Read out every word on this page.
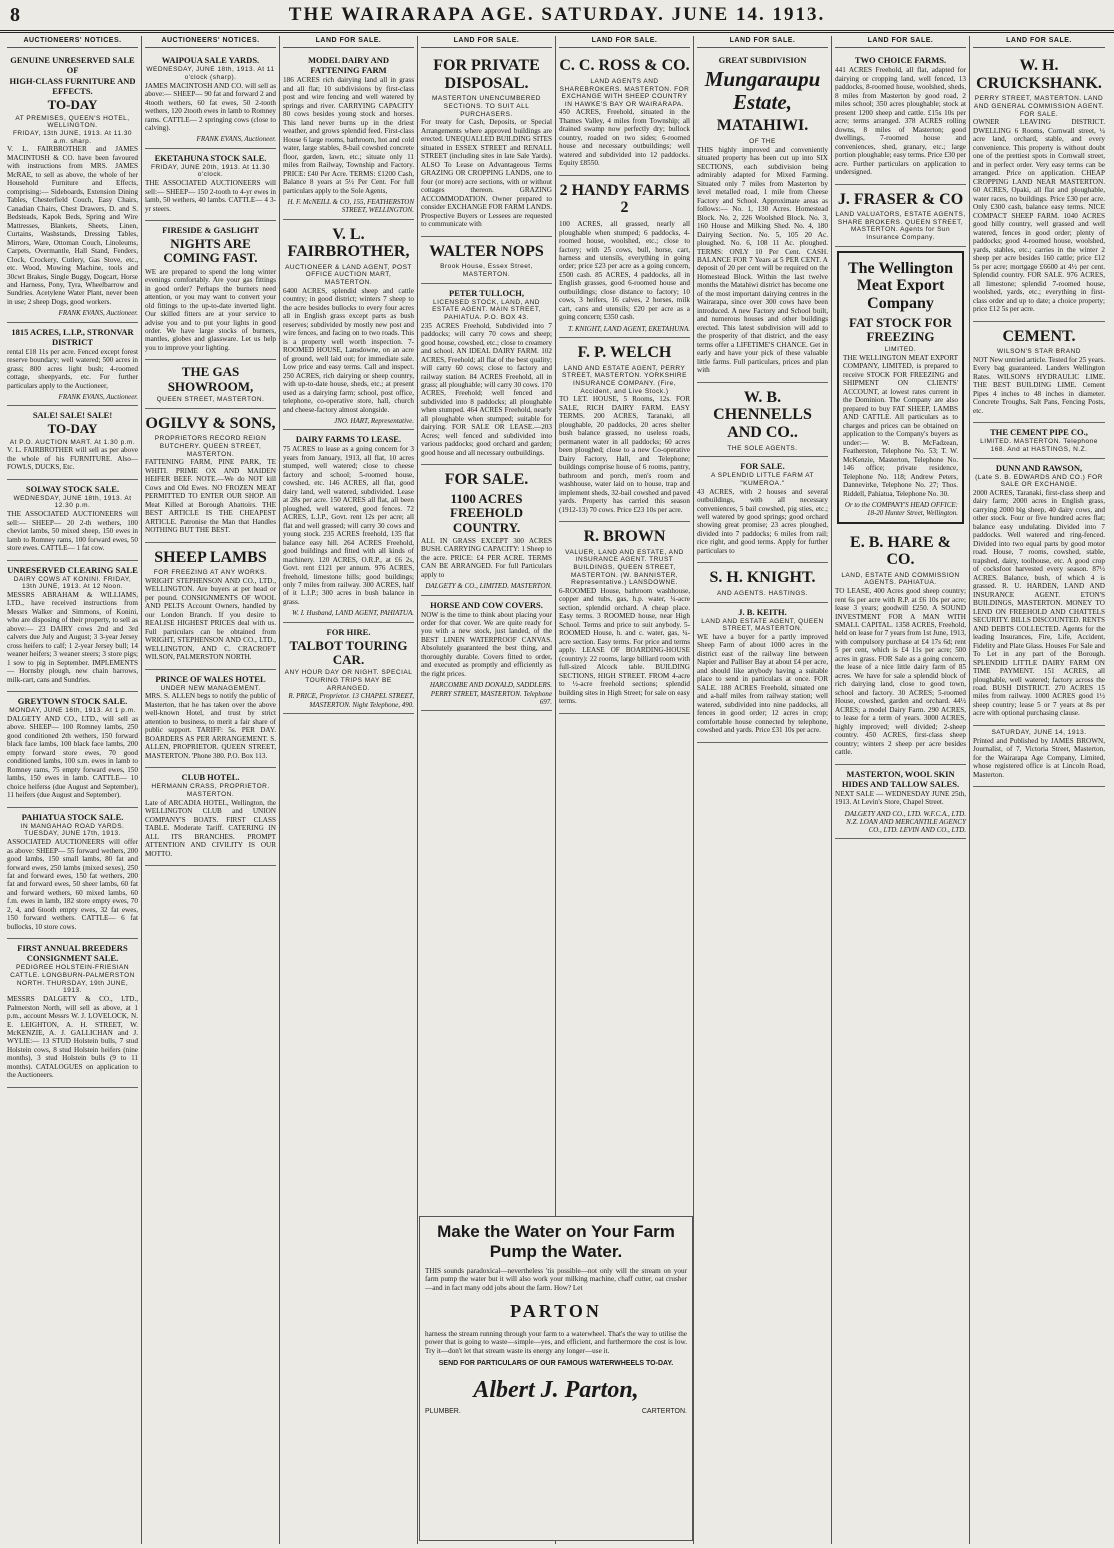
8	THE WAIRARAPA AGE. SATURDAY. JUNE 14. 1913.
AUCTIONEERS' NOTICES.
GENUINE UNRESERVED SALE OF
HIGH-CLASS FURNITURE AND EFFECTS.
TO-DAY
AT PREMISES, QUEEN'S HOTEL, WELLINGTON.
FRIDAY, 13th JUNE, 1913. At 11.30 a.m. sharp.

V. L. FAIRBROTHER and JAMES MACINTOSH & CO. have been favoured with instructions from MRS. JAMES McRAE, to sell as above, the whole of her Household Furniture and Effects, comprising:— Sideboards, Extension Dining Tables, Chesterfield Couch, Easy Chairs, Canadian Chairs, Chest Drawers, D. and S. Bedsteads, Kapok Beds, Spring and Wire Mattresses, Blankets, Sheets, Linen, Curtains, Washstands, Dressing Tables, Mirrors, Ware, Ottoman Couch, Linoleums, Carpets, Overmantle, Hall Stand, Fenders, Clock, Crockery, Cutlery, Gas Stove, etc., etc. Wood, Mowing Machine, tools and 30cwt Brakes, Single Buggy, Dogcart, Horse and Harness, Pony, Tyra, Wheelbarrow and Sundries. Acetylene Water Plant, never been in use; 2 sheep Dogs, good workers.

FRANK EVANS, Auctioneer.
1815 ACRES, L.I.P., STRONVAR DISTRICT

rental £18 11s per acre. Fenced except forest reserve boundary; well watered; 500 acres in grass; 800 acres light bush; 4-roomed cottage, sheepyards, etc. For further particulars apply to the Auctioneer,

FRANK EVANS, Auctioneer.
SALE! SALE! SALE!
TO-DAY
At P.O. AUCTION MART. At 1.30 p.m.

V. L. FAIRBROTHER will sell as per above the whole of his FURNITURE. Also—FOWLS, DUCKS, Etc.

SOLWAY STOCK SALE.
WEDNESDAY, JUNE 18th, 1913. At 12.30 p.m.

THE ASSOCIATED AUCTIONEERS will sell:— SHEEP— 20 2-th wethers, 100 cheviot lambs, 50 mixed sheep, 150 ewes in lamb to Romney rams, 100 forward ewes, 50 store ewes. CATTLE— 1 fat cow.

UNRESERVED CLEARING SALE
DAIRY COWS AT KONINI. FRIDAY, 13th JUNE, 1913. At 12 Noon.

MESSRS ABRAHAM & WILLIAMS, LTD., have received instructions from Messrs Walker and Simmons, of Konini, who are disposing of their property, to sell as above:— 23 DAIRY cows 2nd and 3rd calvers due July and August; 3 3-year Jersey cross heifers to calf; 1 2-year Jersey bull; 14 weaner heifers; 3 weaner steers; 3 store pigs; 1 sow to pig in September. IMPLEMENTS— Hornsby plough, new chain harrows, milk-cart, cans and Sundries.

GREYTOWN STOCK SALE.
MONDAY, JUNE 16th, 1913. At 1 p.m.

DALGETY AND CO., LTD., will sell as above. SHEEP— 100 Romney lambs, 250 good conditioned 2th wethers, 150 forward black face lambs, 100 black face lambs, 200 empty forward store ewes, 70 good conditioned lambs, 100 s.m. ewes in lamb to Romney rams, 75 empty forward ewes, 150 lambs, 150 ewes in lamb. CATTLE— 10 choice heiferss (due August and September), 11 heifers (due August and September).

PAHIATUA STOCK SALE.
IN MANGAHAO ROAD YARDS. TUESDAY, JUNE 17th, 1913.

ASSOCIATED AUCTIONEERS will offer as above: SHEEP— 55 forward wethers, 200 good lambs, 150 small lambs, 80 fat and forward ewes, 250 lambs (mixed sexes), 250 fat and forward ewes, 150 fat wethers, 200 fat and forward ewes, 50 sheer lambs, 60 fat and forward wethers, 60 mixed lambs, 60 f.m. ewes in lamb, 182 store empty ewes, 70 2, 4, and 6tooth empty ewes, 32 fat ewes, 150 forward wethers. CATTLE— 6 fat bullocks, 10 store cows.

FIRST ANNUAL BREEDERS CONSIGNMENT SALE.
PEDIGREE HOLSTEIN-FRIESIAN CATTLE. LONGBURN-PALMERSTON NORTH. THURSDAY, 19th JUNE, 1913.

MESSRS DALGETY & CO., LTD., Palmerston North, will sell as above, at 1 p.m., account Messrs W. J. LOVELOCK, N. E. LEIGHTON, A. H. STREET, W. McKENZIE, A. J. GALLICHAN and J. WYLIE:— 13 STUD Holstein bulls, 7 stud Holstein cows, 8 stud Holstein heifers (nine months), 3 stud Holstein bulls (9 to 11 months). CATALOGUES on application to the Auctioneers.

AUCTIONEERS' NOTICES.
WAIPOUA SALE YARDS.
WEDNESDAY, JUNE 18th, 1913. At 11 o'clock (sharp).

JAMES MACINTOSH AND CO. will sell as above:— SHEEP— 90 fat and forward 2 and 4tooth wethers, 60 fat ewes, 50 2-tooth wethers, 120 2tooth ewes in lamb to Romney rams. CATTLE— 2 springing cows (close to calving).

FRANK EVANS, Auctioneer.
EKETAHUNA STOCK SALE.
FRIDAY, JUNE 20th, 1913. At 11.30 o'clock.

THE ASSOCIATED AUCTIONEERS will sell:— SHEEP— 150 2-tooth to 4-yr ewes in lamb, 50 wethers, 40 lambs. CATTLE— 4 3-yr steers.

FIRESIDE & GASLIGHT
NIGHTS ARE COMING FAST.

WE are prepared to spend the long winter evenings comfortably. Are your gas fittings in good order? Perhaps the burners need attention, or you may want to convert your old fittings to the up-to-date inverted light. Our skilled fitters are at your service to advise you and to put your lights in good order. We have large stocks of burners, mantles, globes and glassware. Let us help you to improve your lighting.

THE GAS SHOWROOM,
QUEEN STREET, MASTERTON.
OGILVY & SONS,
PROPRIETORS RECORD REIGN BUTCHERY. QUEEN STREET, MASTERTON.

FATTENING FARM, PINE PARK, TE WHITI. PRIME OX AND MAIDEN HEIFER BEEF. NOTE.—We do NOT kill Cows and Old Ewes. NO FROZEN MEAT PERMITTED TO ENTER OUR SHOP. All Meat Killed at Borough Abattoirs. THE BEST ARTICLE IS THE CHEAPEST ARTICLE. Patronise the Man that Handles NOTHING BUT THE BEST.

SHEEP LAMBS
FOR FREEZING AT ANY WORKS.

WRIGHT STEPHENSON AND CO., LTD., WELLINGTON. Are buyers at per head or per pound. CONSIGNMENTS OF WOOL AND PELTS Account Owners, handled by our London Branch. If you desire to REALISE HIGHEST PRICES deal with us. Full particulars can be obtained from WRIGHT, STEPHENSON AND CO., LTD., WELLINGTON, AND C. CRACROFT WILSON, PALMERSTON NORTH.

PRINCE OF WALES HOTEL
UNDER NEW MANAGEMENT.

MRS. S. ALLEN begs to notify the public of Masterton, that he has taken over the above well-known Hotel, and trust by strict attention to business, to merit a fair share of public support. TARIFF: 5s. PER DAY. BOARDERS AS PER ARRANGEMENT. S. ALLEN, PROPRIETOR. QUEEN STREET, MASTERTON. 'Phone 380. P.O. Box 113.

CLUB HOTEL.
HERMANN CRASS, PROPRIETOR. MASTERTON.

Late of ARCADIA HOTEL, Wellington, the WELLINGTON CLUB and UNION COMPANY'S BOATS. FIRST CLASS TABLE. Moderate Tariff. CATERING IN ALL ITS BRANCHES. PROMPT ATTENTION AND CIVILITY IS OUR MOTTO.

LAND FOR SALE.
MODEL DAIRY AND FATTENING FARM

186 ACRES rich dairying land all in grass and all flat; 10 subdivisions by first-class post and wire fencing and well watered by springs and river. CARRYING CAPACITY 80 cows besides young stock and horses. This land never burns up in the driest weather, and grows splendid feed. First-class House 6 large rooms, bathroom, hot and cold water, large stables, 8-bail cowshed concrete floor, garden, lawn, etc.; situate only 11 miles from Railway, Township and Factory. PRICE: £40 Per Acre. TERMS: £1200 Cash, Balance 8 years at 5½ Per Cent. For full particulars apply to the Sole Agents,

H. F. McNEILL & CO, 155, FEATHERSTON STREET, WELLINGTON.
V. L. FAIRBROTHER,
AUCTIONEER & LAND AGENT, POST OFFICE AUCTION MART, MASTERTON.

6400 ACRES, splendid sheep and cattle country; in good district; winters 7 sheep to the acre besides bullocks to every four acres all in English grass except parts as bush reserves; subdivided by mostly new post and wire fences, and facing on to two roads. This is a property well worth inspection. 7-ROOMED HOUSE, Lansdowne, on an acre of ground, well laid out; for immediate sale. Low price and easy terms. Call and inspect. 250 ACRES, rich dairying or sheep country, with up-to-date house, sheds, etc.; at present used as a dairying farm; school, post office, telephone, co-operative store, hall, church and cheese-factory almost alongside.

JNO. HART, Representative.
DAIRY FARMS TO LEASE.

75 ACRES to lease as a going concern for 3 years from January, 1913, all flat, 10 acres stumped, well watered; close to cheese factory and school; 5-roomed house, cowshed, etc. 146 ACRES, all flat, good dairy land, well watered, subdivided. Lease at 28s per acre. 150 ACRES all flat, all been ploughed, well watered, good fences. 72 ACRES, L.I.P., Govt. rent 12s per acre; all flat and well grassed; will carry 30 cows and young stock. 235 ACRES freehold, 135 flat balance easy hill. 264 ACRES Freehold, good buildings and fitted with all kinds of machinery. 120 ACRES, O.R.P., at £6 2s, Govt. rent £121 per annum. 976 ACRES, freehold, limestone hills; good buildings; only 7 miles from railway. 300 ACRES, half of it L.I.P.; 300 acres in bush balance in grass.

W. I. Husband, LAND AGENT, PAHIATUA.
FOR HIRE.
TALBOT TOURING CAR.
ANY HOUR DAY OR NIGHT. SPECIAL TOURING TRIPS MAY BE ARRANGED.
R. PRICE, Proprietor. 13 CHAPEL STREET, MASTERTON. Night Telephone, 490.
LAND FOR SALE.
FOR PRIVATE DISPOSAL.
MASTERTON UNENCUMBERED SECTIONS. TO SUIT ALL PURCHASERS.

For treaty for Cash, Deposits, or Special Arrangements where approved buildings are erected. UNEQUALLED BUILDING SITES situated in ESSEX STREET and RENALL STREET (including sites in late Sale Yards). ALSO To Lease on Advantageous Terms GRAZING OR CROPPING LANDS, one to four (or more) acre sections, with or without cottages thereon. GRAZING ACCOMMODATION. Owner prepared to consider EXCHANGE FOR FARM LANDS. Prospective Buyers or Lessees are requested to communicate with

WALTER NOPS
Brook House, Essex Street, MASTERTON.
PETER TULLOCH,
LICENSED STOCK, LAND, AND ESTATE AGENT. MAIN STREET, PAHIATUA. P.O. BOX 43.

235 ACRES Freehold, Subdivided into 7 paddocks; will carry 70 cows and sheep; good house, cowshed, etc.; close to creamery and school. AN IDEAL DAIRY FARM. 102 ACRES, Freehold; all flat of the best quality; will carry 60 cows; close to factory and railway station. 84 ACRES Freehold, all in grass; all ploughable; will carry 30 cows. 170 ACRES, Freehold; well fenced and subdivided into 8 paddocks; all ploughable when stumped. 464 ACRES Freehold, nearly all ploughable when stumped; suitable for dairying. FOR SALE OR LEASE.—203 Acres; well fenced and subdivided into various paddocks; good orchard and garden; good house and all necessary outbuildings.

FOR SALE.
1100 ACRES FREEHOLD COUNTRY.

ALL IN GRASS EXCEPT 300 ACRES BUSH. CARRYING CAPACITY: 1 Sheep to the acre. PRICE: £4 PER ACRE. TERMS CAN BE ARRANGED. For full Particulars apply to

DALGETY & CO., LIMITED. MASTERTON.
HORSE AND COW COVERS.

NOW is the time to think about placing your order for that cover. We are quite ready for you with a new stock, just landed, of the BEST LINEN WATERPROOF CANVAS. Absolutely guaranteed the best thing, and thoroughly durable. Covers fitted to order, and executed as promptly and efficiently as the right prices.

HARCOMBE AND DONALD, SADDLERS. PERRY STREET, MASTERTON. Telephone 697.
LAND FOR SALE.
C. C. ROSS & CO.
LAND AGENTS AND SHAREBROKERS. MASTERTON. FOR EXCHANGE WITH SHEEP COUNTRY IN HAWKE'S BAY OR WAIRARAPA.

450 ACRES, Freehold, situated in the Thames Valley, 4 miles from Township; all drained swamp now perfectly dry; bullock country, roaded on two sides; 6-roomed house and necessary outbuildings; well watered and subdivided into 12 paddocks. Equity £8550.

2 HANDY FARMS 2

100 ACRES, all grassed, nearly all ploughable when stumped; 6 paddocks, 4-roomed house, woolshed, etc.; close to factory; with 25 cows, bull, horse, cart, harness and utensils, everything in going order; price £23 per acre as a going concern, £500 cash. 85 ACRES, 4 paddocks, all in English grasses, good 6-roomed house and outbuildings; close distance to factory; 10 cows, 3 heifers, 16 calves, 2 horses, milk cart, cans and utensils; £20 per acre as a going concern; £350 cash.

T. KNIGHT, LAND AGENT, EKETAHUNA.
F. P. WELCH
LAND AND ESTATE AGENT, PERRY STREET, MASTERTON. YORKSHIRE INSURANCE COMPANY. (Fire, Accident, and Live Stock.)

TO LET. HOUSE, 5 Rooms, 12s. FOR SALE, RICH DAIRY FARM. EASY TERMS. 200 ACRES, Taranaki, all ploughable, 20 paddocks, 20 acres shelter bush balance grassed, no useless roads, permanent water in all paddocks; 60 acres been ploughed; close to a new Co-operative Dairy Factory, Hall, and Telephone; buildings comprise house of 6 rooms, pantry, bathroom and porch, men's room and washhouse, water laid on to house, trap and implement sheds, 32-bail cowshed and paved yards. Property has carried this season (1912-13) 70 cows. Price £23 10s per acre.

R. BROWN
VALUER, LAND AND ESTATE, AND INSURANCE AGENT. TRUST BUILDINGS, QUEEN STREET, MASTERTON. (W. BANNISTER, Representative.) LANSDOWNE.

6-ROOMED House, bathroom washhouse, copper and tubs, gas, h.p. water, ¼-acre section, splendid orchard. A cheap place. Easy terms. 3 ROOMED house, near High School. Terms and price to suit anybody. 5-ROOMED House, h. and c. water, gas, ¼-acre section. Easy terms. For price and terms apply. LEASE OF BOARDING-HOUSE (country): 22 rooms, large billiard room with full-sized Alcock table. BUILDING SECTIONS, HIGH STREET. FROM 4-acre to ½-acre freehold sections; splendid building sites in High Street; for sale on easy terms.

LAND FOR SALE.
GREAT SUBDIVISION
Mungaraupu Estate,
MATAHIWI.
OF THE

THIS highly improved and conveniently situated property has been cut up into SIX SECTIONS, each subdivision being admirably adapted for Mixed Farming. Situated only 7 miles from Masterton by level metalled road, 1 mile from Cheese Factory and School. Approximate areas as follows:— No. 1, 130 Acres. Homestead Block. No. 2, 226 Woolshed Block. No. 3, 160 House and Milking Shed. No. 4, 180 Dairying Section. No. 5, 105 20 Ac. ploughed. No. 6, 108 11 Ac. ploughed. TERMS: ONLY 10 Per Cent. CASH. BALANCE FOR 7 Years at 5 PER CENT. A deposit of 20 per cent will be required on the Homestead Block. Within the last twelve months the Matahiwi district has become one of the most important dairying centres in the Wairarapa, since over 300 cows have been introduced. A new Factory and School built, and numerous houses and other buildings erected. This latest subdivision will add to the prosperity of that district, and the easy terms offer a LIFETIME'S CHANCE. Get in early and have your pick of these valuable little farms. Full particulars, prices and plan with

W. B. CHENNELLS AND CO..
THE SOLE AGENTS.
FOR SALE.
A SPLENDID LITTLE FARM AT "KUMEROA."

43 ACRES, with 2 houses and several outbuildings, with all necessary conveniences, 5 bail cowshed, pig sties, etc.; well watered by good springs; good orchard showing great promise; 23 acres ploughed, divided into 7 paddocks; 6 miles from rail; rice right, and good terms. Apply for further particulars to

S. H. KNIGHT.
AND AGENTS. HASTINGS.
J. B. KEITH.
LAND AND ESTATE AGENT, QUEEN STREET, MASTERTON.

WE have a buyer for a partly improved Sheep Farm of about 1000 acres in the district east of the railway line between Napier and Palliser Bay at about £4 per acre, and should like anybody having a suitable place to send in particulars at once. FOR SALE. 188 ACRES Freehold, situated one and a-half miles from railway station; well watered, subdivided into nine paddocks, all fences in good order; 12 acres in crop; comfortable house connected by telephone, cowshed and yards. Price £31 10s per acre.

LAND FOR SALE.
TWO CHOICE FARMS.

441 ACRES Freehold, all flat, adapted for dairying or cropping land, well fenced, 13 paddocks, 8-roomed house, woolshed, sheds, 8 miles from Masterton by good road, 2 miles school; 350 acres ploughable; stock at present 1200 sheep and cattle. £15s 10s per acre; terms arranged. 378 ACRES rolling downs, 8 miles of Masterton; good dwellings, 7-roomed house and conveniences, shed, granary, etc.; large portion ploughable; easy terms. Price £30 per acre. Further particulars on application to undersigned.

J. FRASER & CO
LAND VALUATORS, ESTATE AGENTS, SHARE BROKERS. QUEEN STREET, MASTERTON. Agents for Sun Insurance Company.
The Wellington Meat Export Company
FAT STOCK FOR FREEZING
LIMITED.

THE WELLINGTON MEAT EXPORT COMPANY, LIMITED, is prepared to receive STOCK FOR FREEZING and SHIPMENT ON CLIENTS' ACCOUNT, at lowest rates current in the Dominion. The Company are also prepared to buy FAT SHEEP, LAMBS AND CATTLE. All particulars as to charges and prices can be obtained on application to the Company's buyers as under:— W. B. McFadzean, Featherston, Telephone No. 53; T. W. McKenzie, Masterton, Telephone No. 146 office; private residence, Telephone No. 118; Andrew Peters, Dannevirke, Telephone No. 27; Thos. Riddell, Pahiatua, Telephone No. 30.

Or to the COMPANY'S HEAD OFFICE: 18-20 Hunter Street, Wellington.
E. B. HARE & CO.
LAND, ESTATE AND COMMISSION AGENTS. PAHIATUA.

TO LEASE, 400 Acres good sheep country; rent 6s per acre with R.P. at £6 10s per acre; lease 3 years; goodwill £250. A SOUND INVESTMENT FOR A MAN WITH SMALL CAPITAL. 1358 ACRES, Freehold, held on lease for 7 years from 1st June, 1913, with compulsory purchase at £4 17s 6d; rent 5 per cent, which is £4 11s per acre; 500 acres in grass. FOR Sale as a going concern, the lease of a nice little dairy farm of 85 acres. We have for sale a splendid block of rich dairying land, close to good town, school and factory. 30 ACRES; 5-roomed House, cowshed, garden and orchard. 44½ ACRES; a model Dairy Farm. 290 ACRES, to lease for a term of years. 3000 ACRES, highly improved; well divided; 2-sheep country. 450 ACRES, first-class sheep country; winters 2 sheep per acre besides cattle.

MASTERTON, WOOL SKIN HIDES AND TALLOW SALES.

NEXT SALE — WEDNESDAY JUNE 25th, 1913. At Levin's Store, Chapel Street.

DALGETY AND CO., LTD. W.F.C.A., LTD. N.Z. LOAN AND MERCANTILE AGENCY CO., LTD. LEVIN AND CO., LTD.
LAND FOR SALE.
W. H. CRUICKSHANK.
PERRY STREET, MASTERTON. LAND AND GENERAL COMMISSION AGENT. FOR SALE.

OWNER LEAVING DISTRICT. DWELLING 6 Rooms, Cornwall street, ¼ acre land, orchard, stable, and every convenience. This property is without doubt one of the prettiest spots in Cornwall street, and in perfect order. Very easy terms can be arranged. Price on application. CHEAP CROPPING LAND NEAR MASTERTON. 60 ACRES, Opaki, all flat and ploughable, water races, no buildings. Price £30 per acre. Only £300 cash, balance easy terms. NICE COMPACT SHEEP FARM. 1040 ACRES good hilly country, well grassed and well watered, fences in good order; plenty of paddocks; good 4-roomed house, woolshed, yards, stables, etc.; carries in the winter 2 sheep per acre besides 160 cattle; price £12 5s per acre; mortgage £6600 at 4½ per cent. Splendid country. FOR SALE. 976 ACRES, all limestone; splendid 7-roomed house, woolshed, yards, etc.; everything in first-class order and up to date; a choice property; price £12 5s per acre.

CEMENT.
WILSON'S STAR BRAND

NOT New untried article. Tested for 25 years. Every bag guaranteed. Landers Wellington Rates. WILSON'S HYDRAULIC LIME. THE BEST BUILDING LIME. Cement Pipes 4 inches to 48 inches in diameter. Concrete Troughs, Salt Pans, Fencing Posts, etc.

THE CEMENT PIPE CO.,
LIMITED. MASTERTON. Telephone 168. And at HASTINGS, N.Z.
DUNN AND RAWSON,
(Late S. B. EDWARDS AND CO.) FOR SALE OR EXCHANGE.

2000 ACRES, Taranaki, first-class sheep and dairy farm; 2000 acres in English grass, carrying 2000 big sheep, 40 dairy cows, and other stock. Four or five hundred acres flat; balance easy undulating. Divided into 7 paddocks. Well watered and ring-fenced. Divided into two equal parts by good motor road. House, 7 rooms, cowshed, stable, trapshed, dairy, toolhouse, etc. A good crop of cocksfoot harvested every season. 87½ ACRES. Balance, bush, of which 4 is grassed. R. U. HARDEN, LAND AND INSURANCE AGENT. ETON'S BUILDINGS, MASTERTON. MONEY TO LEND ON FREEHOLD AND CHATTELS SECURITY. BILLS DISCOUNTED. RENTS AND DEBTS COLLECTED. Agents for the leading Insurances, Fire, Life, Accident, Fidelity and Plate Glass. Houses For Sale and To Let in any part of the Borough. SPLENDID LITTLE DAIRY FARM ON TIME PAYMENT. 151 ACRES, all ploughable, well watered; factory across the road. BUSH DISTRICT. 270 ACRES 15 miles from railway. 1000 ACRES good 1½ sheep country; lease 5 or 7 years at 8s per acre with optional purchasing clause.

SATURDAY, JUNE 14, 1913.

Printed and Published by JAMES BROWN, Journalist, of 7, Victoria Street, Masterton, for the Wairarapa Age Company, Limited, whose registered office is at Lincoln Road, Masterton.

Make the Water on Your Farm Pump the Water.

THIS sounds paradoxical—nevertheless 'tis possible—not only will the stream on your farm pump the water but it will also work your milking machine, chaff cutter, oat crusher—and in fact many odd jobs about the farm. How? Let

PARTON

harness the stream running through your farm to a waterwheel. That's the way to utilise the power that is going to waste—simple—yes, and efficient, and furthermore the cost is low. Try it—don't let that stream waste its energy any longer—use it.

SEND FOR PARTICULARS OF OUR FAMOUS WATERWHEELS TO-DAY.
Albert J. Parton,
PLUMBER.	CARTERTON.
